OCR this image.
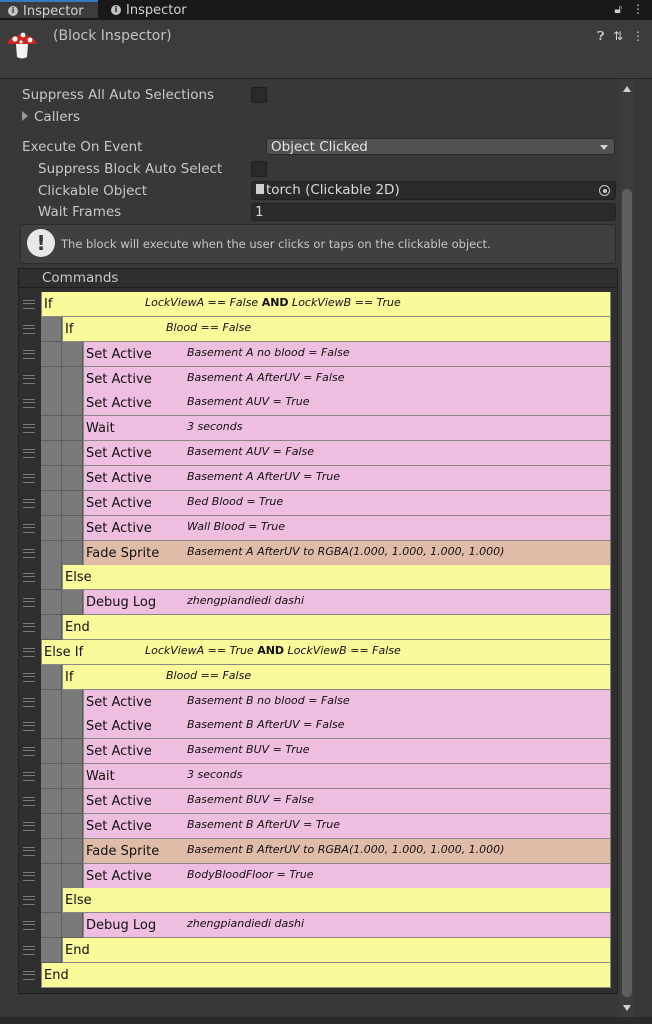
i Inspector	i Inspector	🔓︎ ⋮
(Block Inspector)	❓︎ ⇅ ⋮
Suppress All Auto Selections
Callers
Execute On Event	Object Clicked
Suppress Block Auto Select
Clickable Object	torch (Clickable 2D)
Wait Frames	1
!	The block will execute when the user clicks or taps on the clickable object.
Commands
If	LockViewA == False AND LockViewB == True
If	Blood == False
Set Active	Basement A no blood = False
Set Active	Basement A AfterUV = False
Set Active	Basement AUV = True
Wait	3 seconds
Set Active	Basement AUV = False
Set Active	Basement A AfterUV = True
Set Active	Bed Blood = True
Set Active	Wall Blood = True
Fade Sprite	Basement A AfterUV to RGBA(1.000, 1.000, 1.000, 1.000)
Else
Debug Log	zhengpiandiedi dashi
End
Else If	LockViewA == True AND LockViewB == False
If	Blood == False
Set Active	Basement B no blood = False
Set Active	Basement B AfterUV = False
Set Active	Basement BUV = True
Wait	3 seconds
Set Active	Basement BUV = False
Set Active	Basement B AfterUV = True
Fade Sprite	Basement B AfterUV to RGBA(1.000, 1.000, 1.000, 1.000)
Set Active	BodyBloodFloor = True
Else
Debug Log	zhengpiandiedi dashi
End
End
